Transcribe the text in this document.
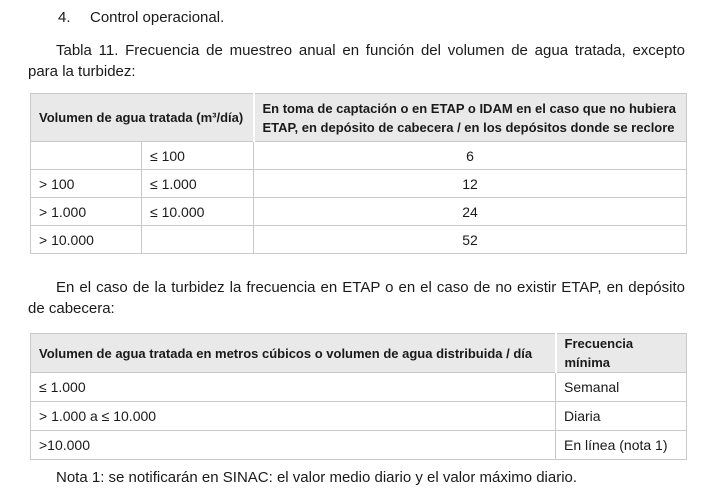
4. Control operacional.

Tabla 11. Frecuencia de muestreo anual en función del volumen de agua tratada, excepto para la turbidez:

Volumen de agua tratada (m³/día)		En toma de captación o en ETAP o IDAM en el caso que no hubiera ETAP, en depósito de cabecera / en los depósitos donde se reclore
	≤ 100	6
> 100	≤ 1.000	12
> 1.000	≤ 10.000	24
> 10.000		52

En el caso de la turbidez la frecuencia en ETAP o en el caso de no existir ETAP, en depósito de cabecera:

Volumen de agua tratada en metros cúbicos o volumen de agua distribuida / día	Frecuencia mínima
≤ 1.000	Semanal
> 1.000 a ≤ 10.000	Diaria
>10.000	En línea (nota 1)

Nota 1: se notificarán en SINAC: el valor medio diario y el valor máximo diario.
